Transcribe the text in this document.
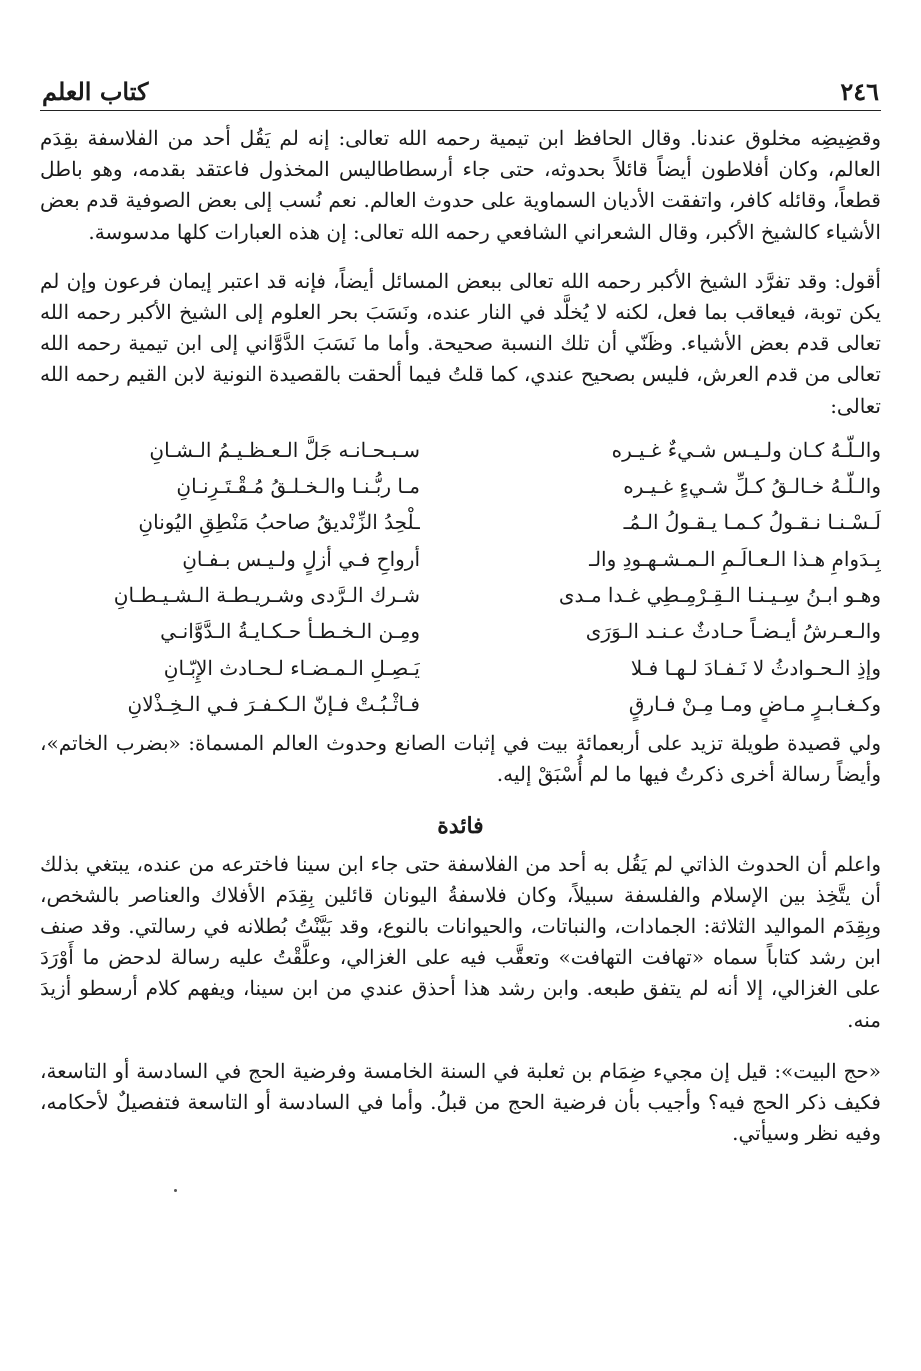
٢٤٦
كتاب العلم

وقضِيضِه مخلوق عندنا. وقال الحافظ ابن تيمية رحمه الله تعالى: إنه لم يَقُل أحد من الفلاسفة بقِدَم العالم، وكان أفلاطون أيضاً قائلاً بحدوثه، حتى جاء أرسطاطاليس المخذول فاعتقد بقدمه، وهو باطل قطعاً، وقائله كافر، واتفقت الأديان السماوية على حدوث العالم. نعم نُسب إلى بعض الصوفية قدم بعض الأشياء كالشيخ الأكبر، وقال الشعراني الشافعي رحمه الله تعالى: إن هذه العبارات كلها مدسوسة.

أقول: وقد تفرَّد الشيخ الأكبر رحمه الله تعالى ببعض المسائل أيضاً، فإنه قد اعتبر إيمان فرعون وإن لم يكن توبة، فيعاقب بما فعل، لكنه لا يُخلَّد في النار عنده، ونَسَبَ بحر العلوم إلى الشيخ الأكبر رحمه الله تعالى قدم بعض الأشياء. وظَنّي أن تلك النسبة صحيحة. وأما ما نَسَبَ الدَّوَّاني إلى ابن تيمية رحمه الله تعالى من قدم العرش، فليس بصحيح عندي، كما قلتُ فيما ألحقت بالقصيدة النونية لابن القيم رحمه الله تعالى:

والـلّـهُ كـان ولـيـس شـيءٌ غـيـره
سـبـحـانـه جَلَّ الـعـظـيـمُ الـشـانِ
والـلّـهُ خـالـقُ كـلِّ شـيءٍ غـيـره
مـا ربُّـنـا والـخـلـقُ مُـقْـتَـرِنـانِ
لَـسْـنـا نـقـولُ كـمـا يـقـولُ الـمُـ
ـلْحِدُ الزِّنْديقُ صاحبُ مَنْطِقِ اليُونانِ
بِـدَوامِ هـذا الـعـالَـمِ الـمـشـهـودِ والـ
أرواحِ فـي أزلٍ ولـيـس بـفـانِ
وهـو ابـنُ سِـيـنـا الـقِـرْمِـطِي غـدا مـدى
شـرك الـرَّدى وشـريـطـة الـشـيـطـانِ
والـعـرشُ أيـضـاً حـادثٌ عـنـد الـوَرَى
ومِـن الـخـطـأ حـكـايـةُ الـدَّوَّانـي
وإذِ الـحـوادثُ لا نَـفـادَ لـهـا فـلا
يَـصِـلِ الـمـضـاء لـحـادث الإِبّـانِ
وكـغـابـرٍ مـاضٍ ومـا مِـنْ فـارقٍ
فـاثْـبُـتْ فـإنّ الـكـفـرَ فـي الـخِـذْلانِ

ولي قصيدة طويلة تزيد على أربعمائة بيت في إثبات الصانع وحدوث العالم المسماة: «بضرب الخاتم»، وأيضاً رسالة أخرى ذكرتُ فيها ما لم أُسْبَقْ إليه.

فائدة

واعلم أن الحدوث الذاتي لم يَقُل به أحد من الفلاسفة حتى جاء ابن سينا فاخترعه من عنده، يبتغي بذلك أن يتَّخِذ بين الإسلام والفلسفة سبيلاً، وكان فلاسفةُ اليونان قائلين بِقِدَم الأفلاك والعناصر بالشخص، وبِقِدَم المواليد الثلاثة: الجمادات، والنباتات، والحيوانات بالنوع، وقد بَيَّنْتُ بُطلانه في رسالتي. وقد صنف ابن رشد كتاباً سماه «تهافت التهافت» وتعقَّب فيه على الغزالي، وعلَّقْتُ عليه رسالة لدحض ما أَوْرَدَ على الغزالي، إلا أنه لم يتفق طبعه. وابن رشد هذا أحذق عندي من ابن سينا، ويفهم كلام أرسطو أزيدَ منه.

«حج البيت»: قيل إن مجيء ضِمَام بن ثعلبة في السنة الخامسة وفرضية الحج في السادسة أو التاسعة، فكيف ذكر الحج فيه؟ وأجيب بأن فرضية الحج من قبلُ. وأما في السادسة أو التاسعة فتفصيلٌ لأحكامه، وفيه نظر وسيأتي.
